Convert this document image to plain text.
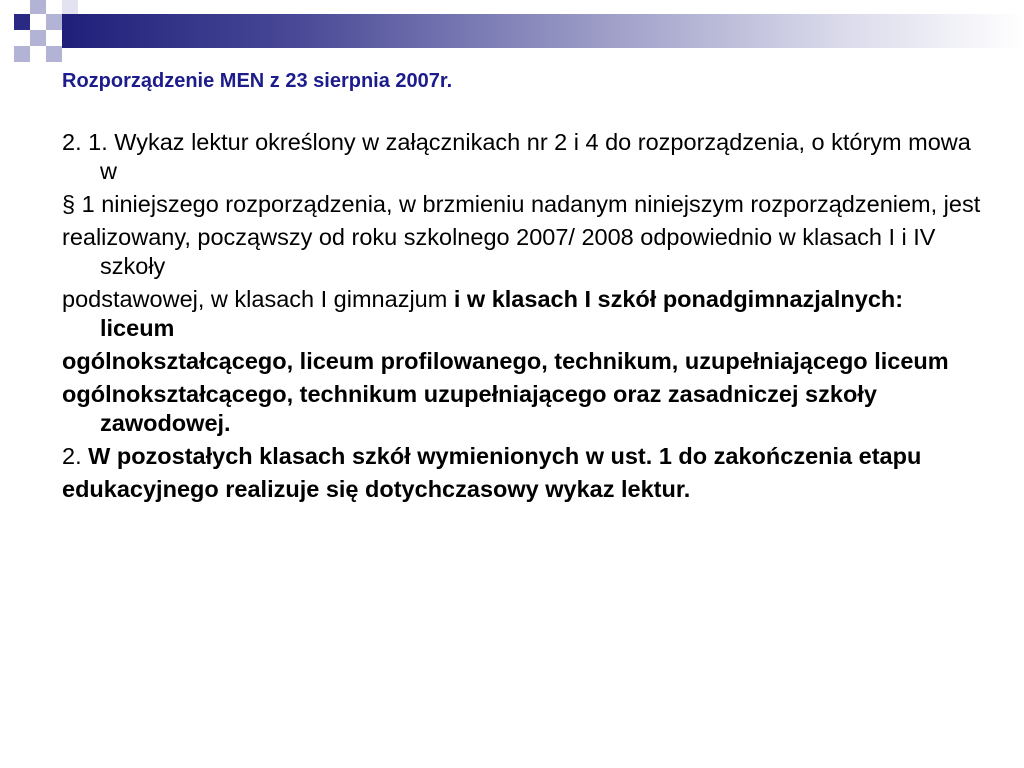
Rozporządzenie MEN z 23 sierpnia 2007r.

2. 1. Wykaz lektur określony w załącznikach nr 2 i 4 do rozporządzenia, o którym mowa w

§ 1 niniejszego rozporządzenia, w brzmieniu nadanym niniejszym rozporządzeniem, jest

realizowany, począwszy od roku szkolnego 2007/ 2008 odpowiednio w klasach I i IV szkoły

podstawowej, w klasach I gimnazjum i w klasach I szkół ponadgimnazjalnych: liceum

ogólnokształcącego, liceum profilowanego, technikum, uzupełniającego liceum

ogólnokształcącego, technikum uzupełniającego oraz zasadniczej szkoły zawodowej.

2. W pozostałych klasach szkół wymienionych w ust. 1 do zakończenia etapu

edukacyjnego realizuje się dotychczasowy wykaz lektur.
